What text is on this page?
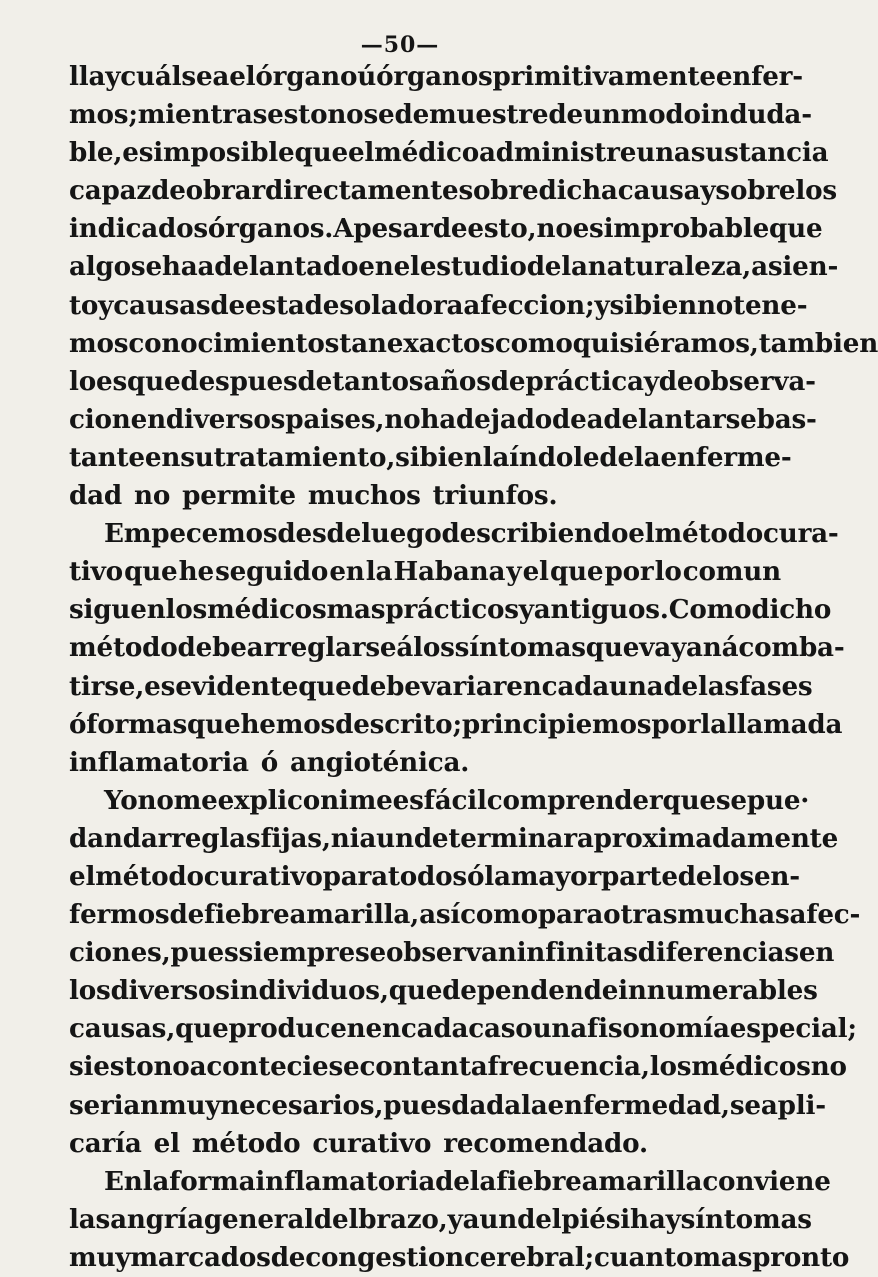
—50—
lla y cuál sea el órgano ú órganos primitivamente enfer-
mos; mientras esto no se demuestre de un modo induda-
ble, es imposible que el médico administre una sustancia
capaz de obrar directamente sobre dicha causa y sobre los
indicados órganos. A pesar de esto, no es improbable que
algo se ha adelantado en el estudio de la naturaleza, asien-
to y causas de esta desoladora afeccion; y si bien no tene-
mos conocimientos tan exactos como quisiéramos, tambien
lo es que despues de tantos años de práctica y de observa-
cion en diversos paises, no ha dejado de adelantarse bas-
tante en su tratamiento, si bien la índole de la enferme-
dad no permite muchos triunfos.
Empecemos desde luego describiendo el método cura-
tivo que he seguido en la Habana y el que por lo comun
siguen los médicos mas prácticos y antiguos. Como dicho
método debe arreglarse á los síntomas que vayan á comba-
tirse, es evidente que debe variar en cada una de las fases
ó formas que hemos descrito; principiemos por la llamada
inflamatoria ó angioténica.
Yo no me explico ni me es fácil comprender que se pue·
dan dar reglas fijas, ni aun determinar aproximadamente
el método curativo para todos ó la mayor parte de los en-
fermos de fiebre amarilla, así como para otras muchas afec-
ciones, pues siempre se observan infinitas diferencias en
los diversos individuos, que dependen de innumerables
causas, que producen en cada caso una fisonomía especial;
si esto no aconteciese con tanta frecuencia, los médicos no
serian muy necesarios, pues dada la enfermedad, se apli-
caría el método curativo recomendado.
En la forma inflamatoria de la fiebre amarilla conviene
la sangría general del brazo, y aun del pié si hay síntomas
muy marcados de congestion cerebral; cuanto mas pronto
